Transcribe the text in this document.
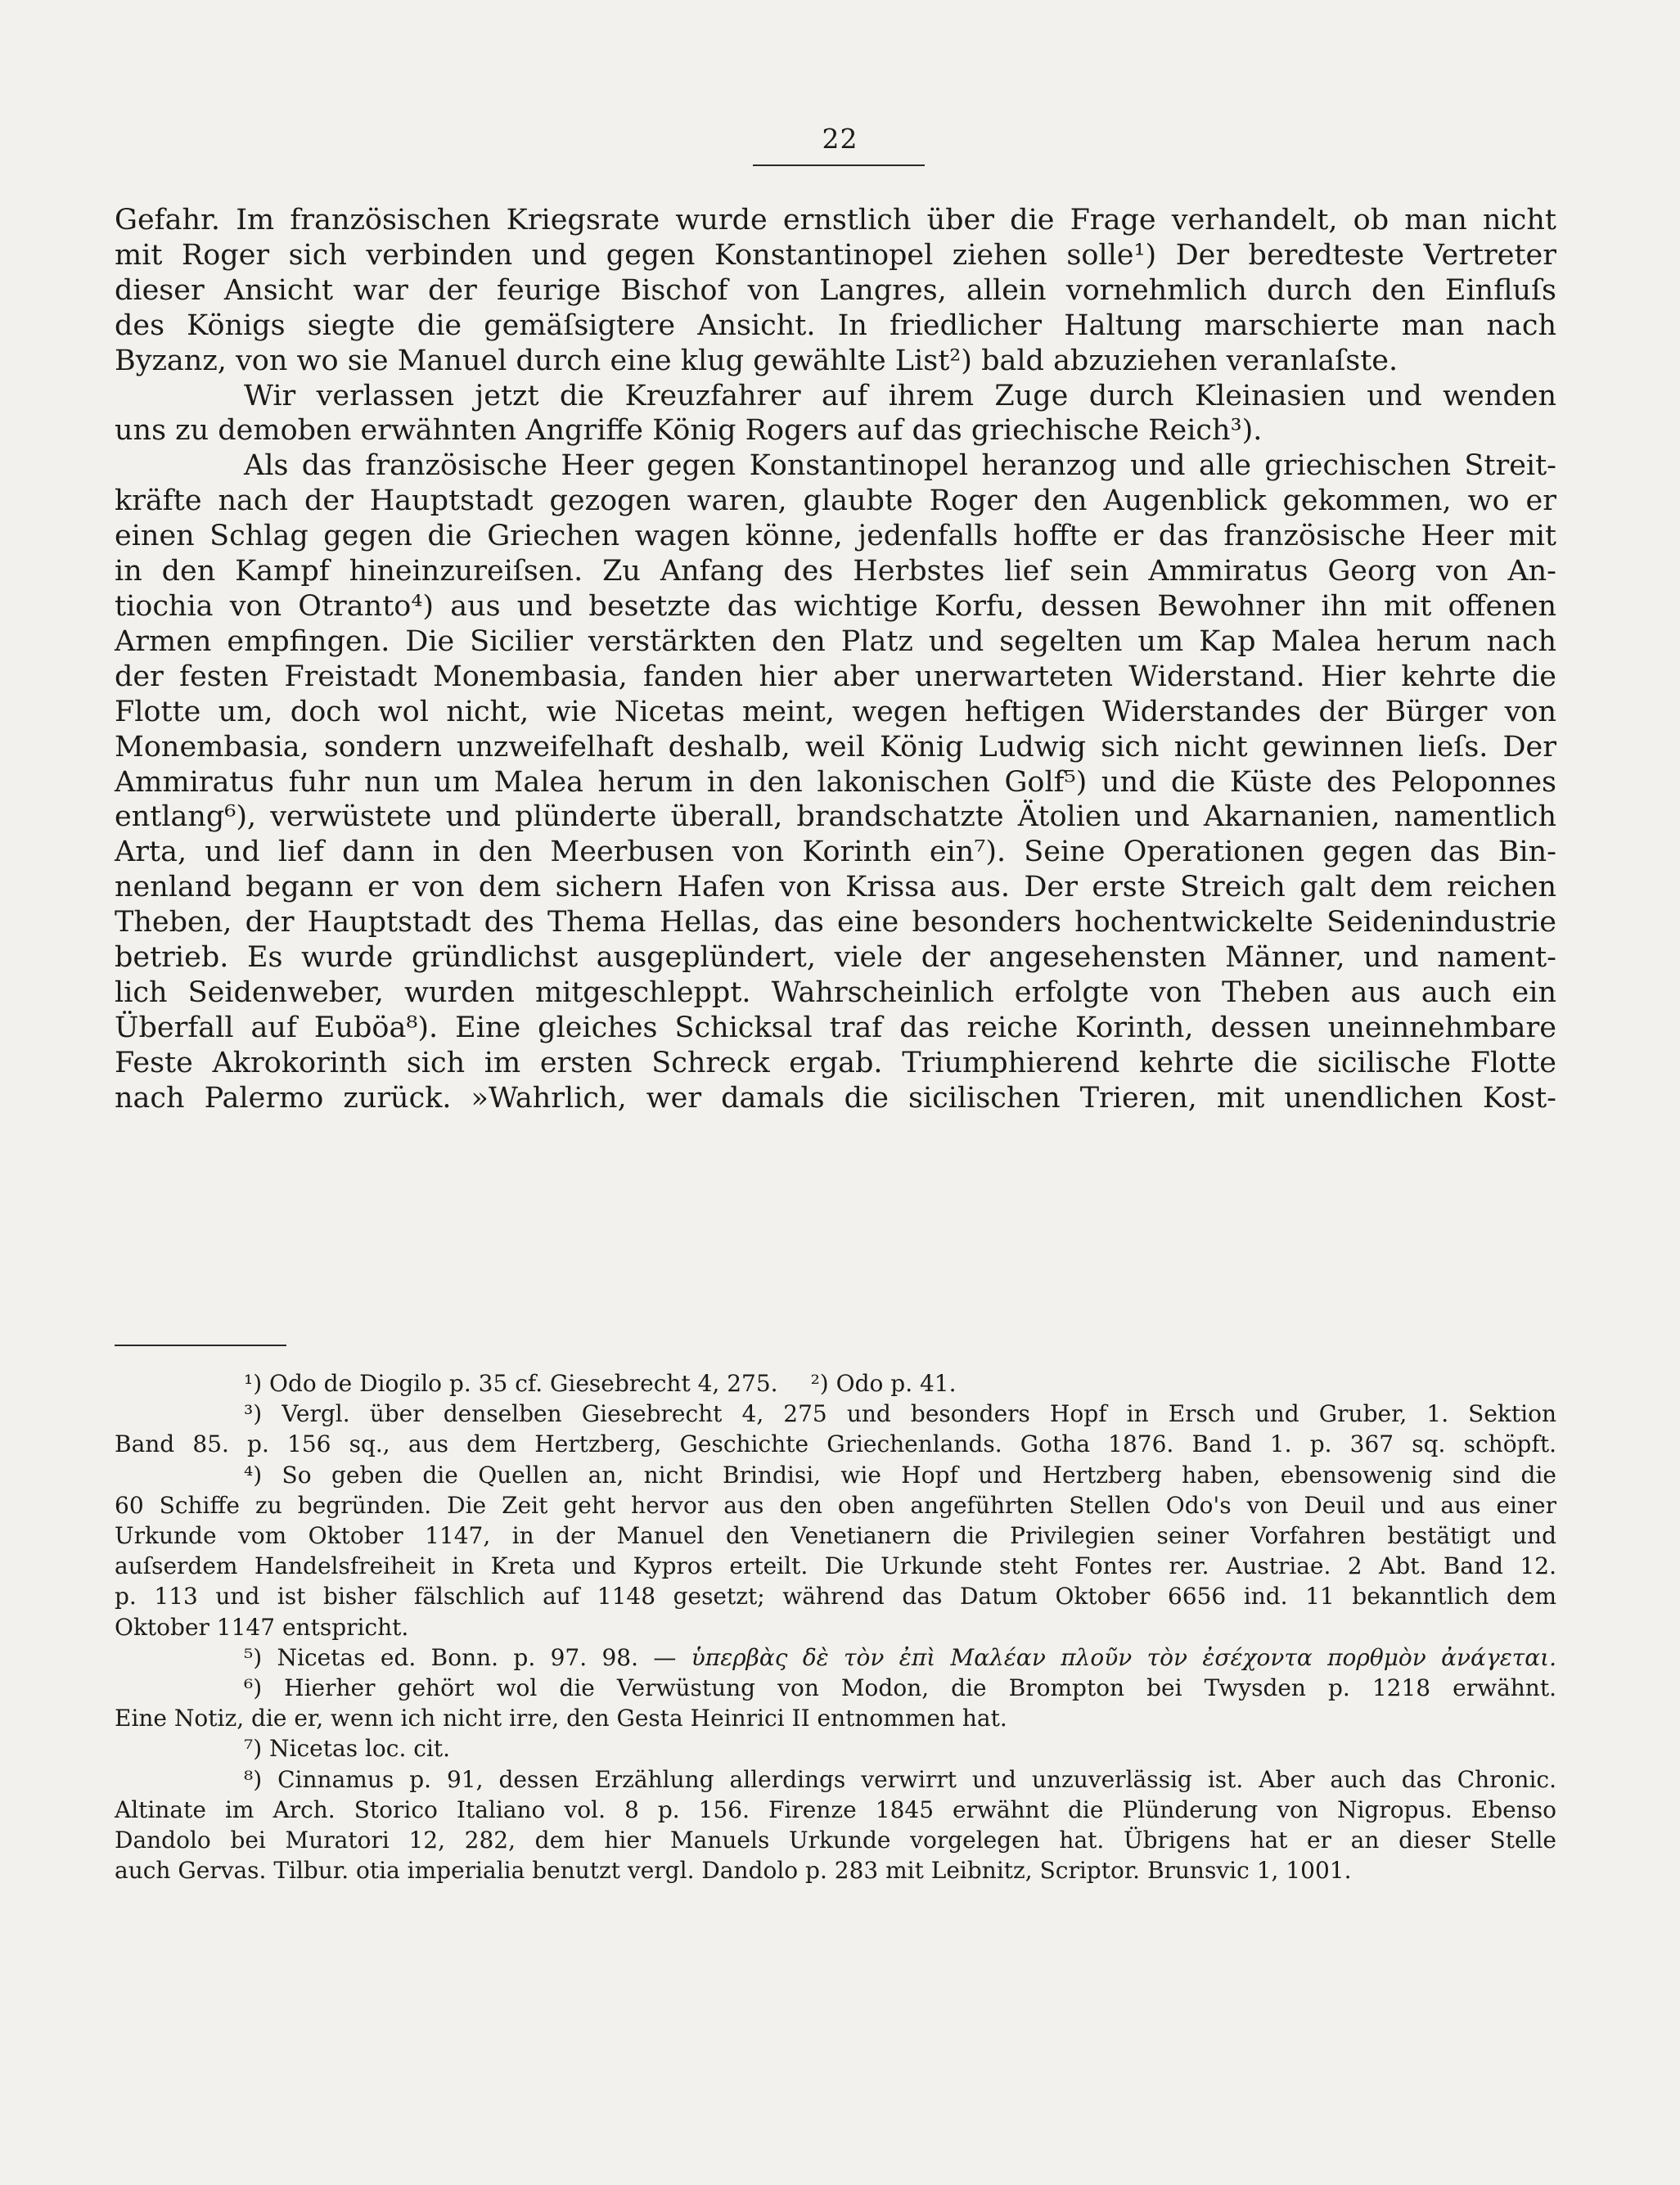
22

Gefahr. Im französischen Kriegsrate wurde ernstlich über die Frage verhandelt, ob man nicht

mit Roger sich verbinden und gegen Konstantinopel ziehen solle¹) Der beredteste Vertreter

dieser Ansicht war der feurige Bischof von Langres, allein vornehmlich durch den Einfluſs

des Königs siegte die gemäſsigtere Ansicht. In friedlicher Haltung marschierte man nach

Byzanz, von wo sie Manuel durch eine klug gewählte List²) bald abzuziehen veranlaſste.

Wir verlassen jetzt die Kreuzfahrer auf ihrem Zuge durch Kleinasien und wenden

uns zu demoben erwähnten Angriffe König Rogers auf das griechische Reich³).

Als das französische Heer gegen Konstantinopel heranzog und alle griechischen Streit-

kräfte nach der Hauptstadt gezogen waren, glaubte Roger den Augenblick gekommen, wo er

einen Schlag gegen die Griechen wagen könne, jedenfalls hoffte er das französische Heer mit

in den Kampf hineinzureiſsen. Zu Anfang des Herbstes lief sein Ammiratus Georg von An-

tiochia von Otranto⁴) aus und besetzte das wichtige Korfu, dessen Bewohner ihn mit offenen

Armen empfingen. Die Sicilier verstärkten den Platz und segelten um Kap Malea herum nach

der festen Freistadt Monembasia, fanden hier aber unerwarteten Widerstand. Hier kehrte die

Flotte um, doch wol nicht, wie Nicetas meint, wegen heftigen Widerstandes der Bürger von

Monembasia, sondern unzweifelhaft deshalb, weil König Ludwig sich nicht gewinnen lieſs. Der

Ammiratus fuhr nun um Malea herum in den lakonischen Golf⁵) und die Küste des Peloponnes

entlang⁶), verwüstete und plünderte überall, brandschatzte Ätolien und Akarnanien, namentlich

Arta, und lief dann in den Meerbusen von Korinth ein⁷). Seine Operationen gegen das Bin-

nenland begann er von dem sichern Hafen von Krissa aus. Der erste Streich galt dem reichen

Theben, der Hauptstadt des Thema Hellas, das eine besonders hochentwickelte Seidenindustrie

betrieb. Es wurde gründlichst ausgeplündert, viele der angesehensten Männer, und nament-

lich Seidenweber, wurden mitgeschleppt. Wahrscheinlich erfolgte von Theben aus auch ein

Überfall auf Euböa⁸). Eine gleiches Schicksal traf das reiche Korinth, dessen uneinnehmbare

Feste Akrokorinth sich im ersten Schreck ergab. Triumphierend kehrte die sicilische Flotte

nach Palermo zurück. »Wahrlich, wer damals die sicilischen Trieren, mit unendlichen Kost-

¹) Odo de Diogilo p. 35 cf. Giesebrecht 4, 275. ²) Odo p. 41.

³) Vergl. über denselben Giesebrecht 4, 275 und besonders Hopf in Ersch und Gruber, 1. Sektion

Band 85. p. 156 sq., aus dem Hertzberg, Geschichte Griechenlands. Gotha 1876. Band 1. p. 367 sq. schöpft.

⁴) So geben die Quellen an, nicht Brindisi, wie Hopf und Hertzberg haben, ebensowenig sind die

60 Schiffe zu begründen. Die Zeit geht hervor aus den oben angeführten Stellen Odo's von Deuil und aus einer

Urkunde vom Oktober 1147, in der Manuel den Venetianern die Privilegien seiner Vorfahren bestätigt und

auſserdem Handelsfreiheit in Kreta und Kypros erteilt. Die Urkunde steht Fontes rer. Austriae. 2 Abt. Band 12.

p. 113 und ist bisher fälschlich auf 1148 gesetzt; während das Datum Oktober 6656 ind. 11 bekanntlich dem

Oktober 1147 entspricht.

⁵) Nicetas ed. Bonn. p. 97. 98. — ὑπερβὰς δὲ τὸν ἐπὶ Μαλέαν πλοῦν τὸν ἐσέχοντα πορθμὸν ἀνάγεται.

⁶) Hierher gehört wol die Verwüstung von Modon, die Brompton bei Twysden p. 1218 erwähnt.

Eine Notiz, die er, wenn ich nicht irre, den Gesta Heinrici II entnommen hat.

⁷) Nicetas loc. cit.

⁸) Cinnamus p. 91, dessen Erzählung allerdings verwirrt und unzuverlässig ist. Aber auch das Chronic.

Altinate im Arch. Storico Italiano vol. 8 p. 156. Firenze 1845 erwähnt die Plünderung von Nigropus. Ebenso

Dandolo bei Muratori 12, 282, dem hier Manuels Urkunde vorgelegen hat. Übrigens hat er an dieser Stelle

auch Gervas. Tilbur. otia imperialia benutzt vergl. Dandolo p. 283 mit Leibnitz, Scriptor. Brunsvic 1, 1001.
